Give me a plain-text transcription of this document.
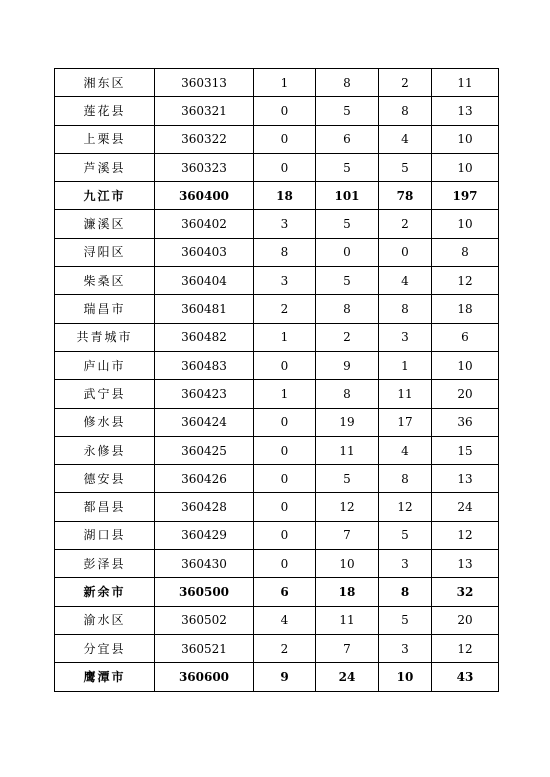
湘东区	360313	1	8	2	11
莲花县	360321	0	5	8	13
上栗县	360322	0	6	4	10
芦溪县	360323	0	5	5	10
九江市	360400	18	101	78	197
濂溪区	360402	3	5	2	10
浔阳区	360403	8	0	0	8
柴桑区	360404	3	5	4	12
瑞昌市	360481	2	8	8	18
共青城市	360482	1	2	3	6
庐山市	360483	0	9	1	10
武宁县	360423	1	8	11	20
修水县	360424	0	19	17	36
永修县	360425	0	11	4	15
德安县	360426	0	5	8	13
都昌县	360428	0	12	12	24
湖口县	360429	0	7	5	12
彭泽县	360430	0	10	3	13
新余市	360500	6	18	8	32
渝水区	360502	4	11	5	20
分宜县	360521	2	7	3	12
鹰潭市	360600	9	24	10	43
